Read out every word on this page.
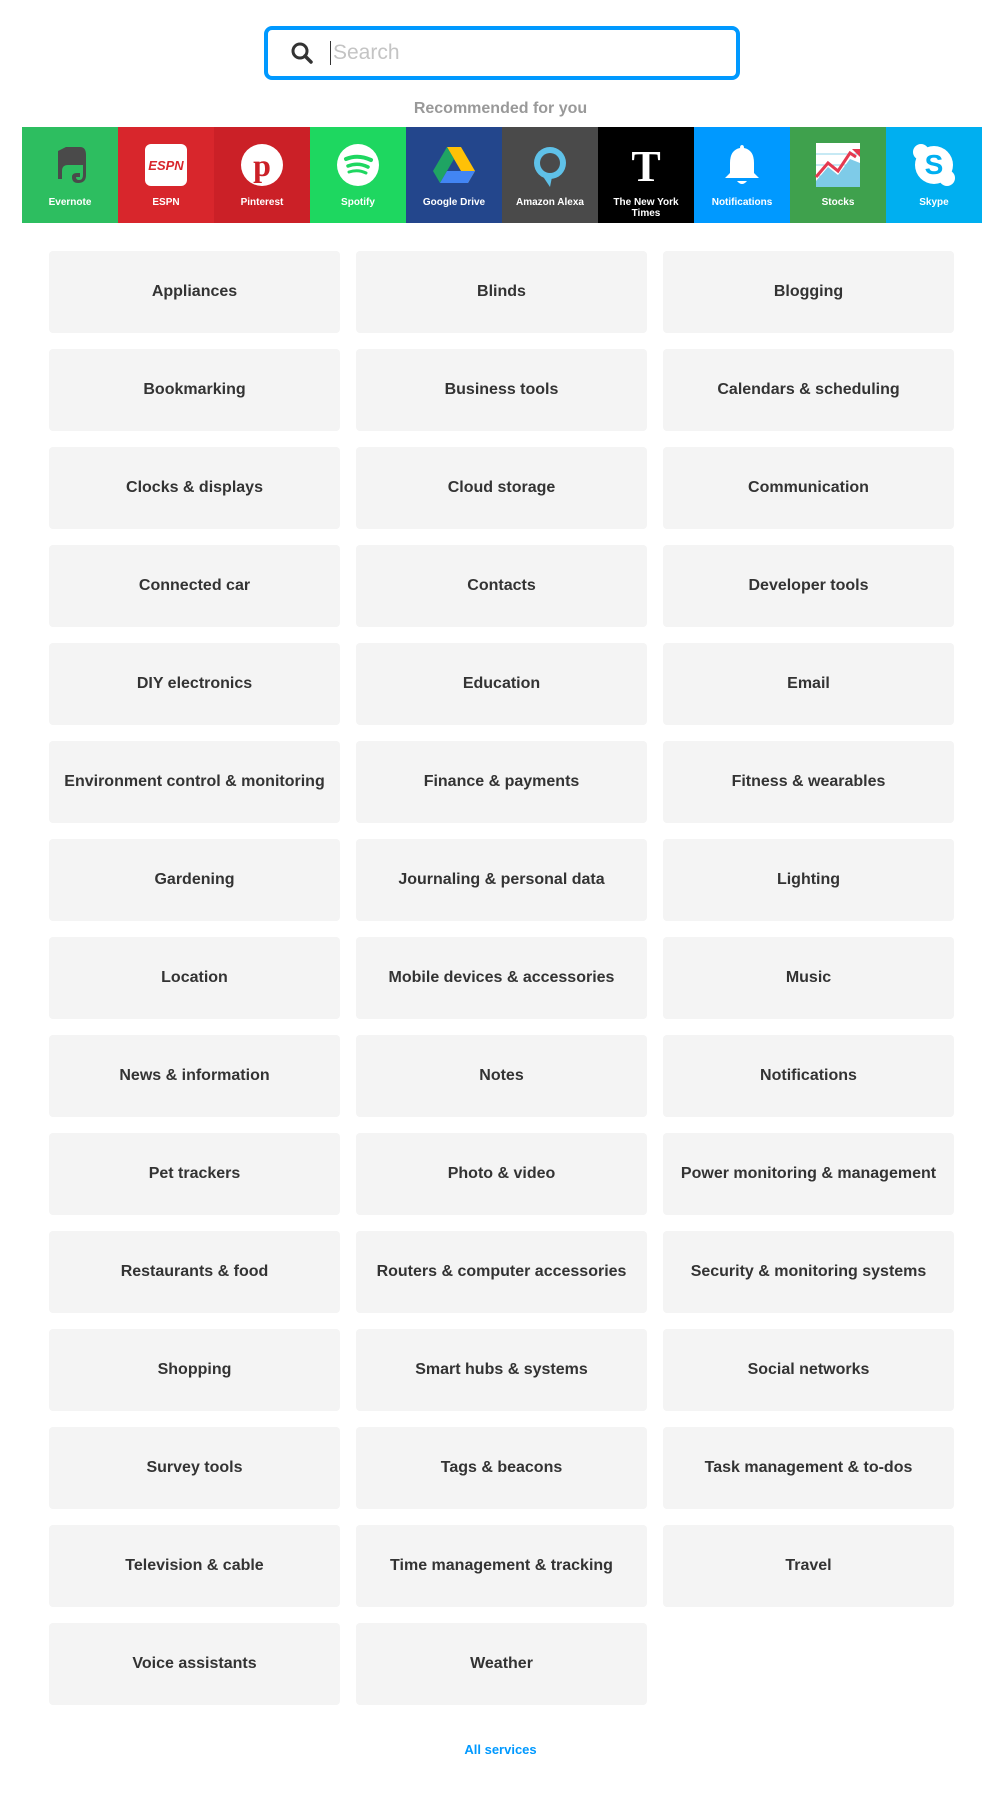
Search
Recommended for you
Evernote
ESPN
ESPN
p
Pinterest	Spotify	Google Drive	Amazon Alexa
T
The New York Times
Notifications	Stocks
S
Skype
Appliances	Blinds	Blogging
Bookmarking	Business tools	Calendars & scheduling
Clocks & displays	Cloud storage	Communication
Connected car	Contacts	Developer tools
DIY electronics	Education	Email
Environment control & monitoring	Finance & payments	Fitness & wearables
Gardening	Journaling & personal data	Lighting
Location	Mobile devices & accessories	Music
News & information	Notes	Notifications
Pet trackers	Photo & video	Power monitoring & management
Restaurants & food	Routers & computer accessories	Security & monitoring systems
Shopping	Smart hubs & systems	Social networks
Survey tools	Tags & beacons	Task management & to-dos
Television & cable	Time management & tracking	Travel
Voice assistants	Weather
All services
